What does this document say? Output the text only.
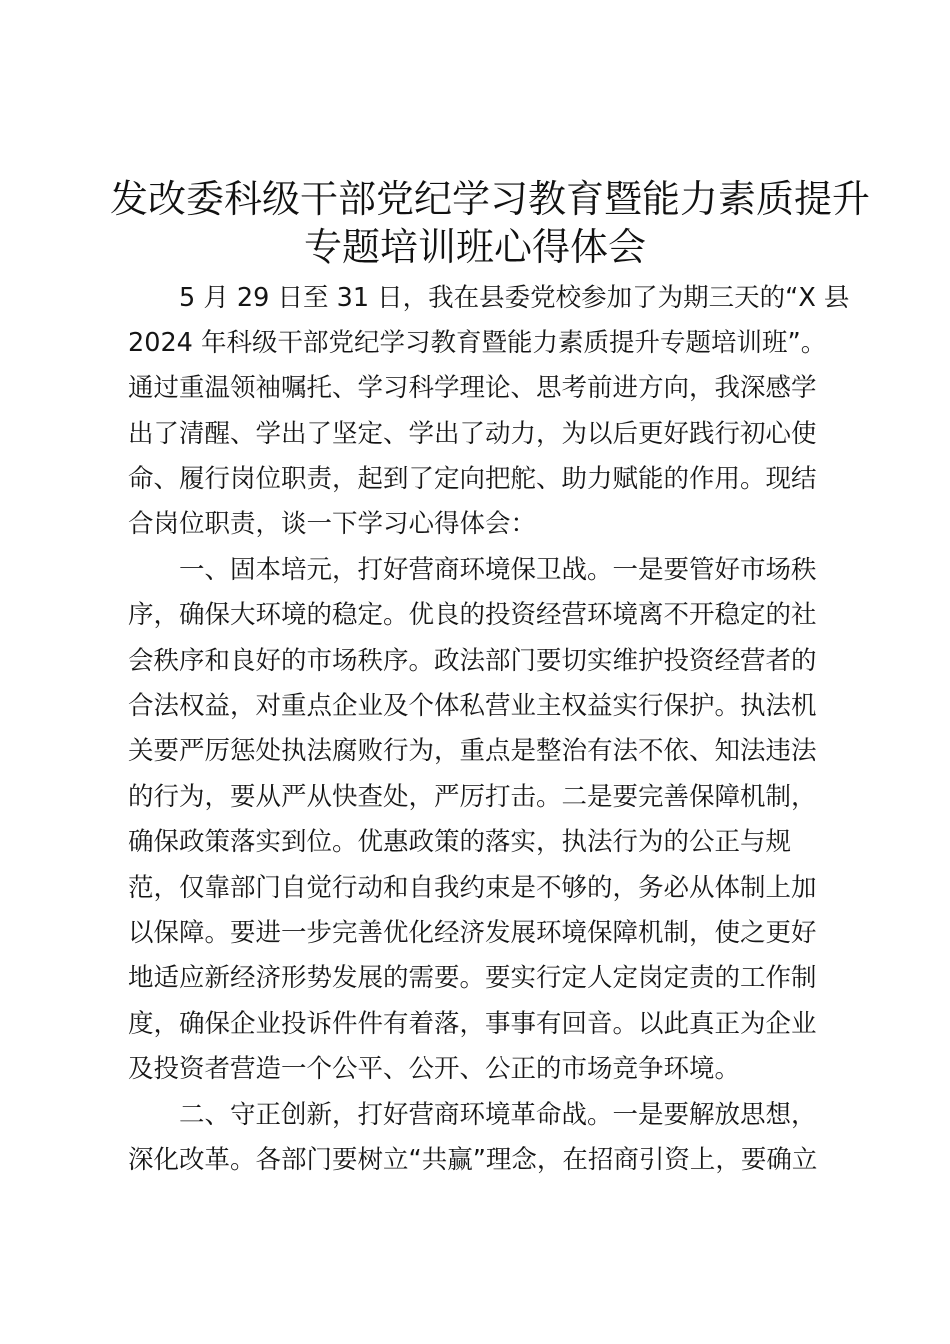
发改委科级干部党纪学习教育暨能力素质提升
专题培训班心得体会
5 月 29 日至 31 日，我在县委党校参加了为期三天的“X 县
2024 年科级干部党纪学习教育暨能力素质提升专题培训班”。
通过重温领袖嘱托、学习科学理论、思考前进方向，我深感学
出了清醒、学出了坚定、学出了动力，为以后更好践行初心使
命、履行岗位职责，起到了定向把舵、助力赋能的作用。现结
合岗位职责，谈一下学习心得体会：
一、固本培元，打好营商环境保卫战。一是要管好市场秩
序，确保大环境的稳定。优良的投资经营环境离不开稳定的社
会秩序和良好的市场秩序。政法部门要切实维护投资经营者的
合法权益，对重点企业及个体私营业主权益实行保护。执法机
关要严厉惩处执法腐败行为，重点是整治有法不依、知法违法
的行为，要从严从快查处，严厉打击。二是要完善保障机制，
确保政策落实到位。优惠政策的落实，执法行为的公正与规
范，仅靠部门自觉行动和自我约束是不够的，务必从体制上加
以保障。要进一步完善优化经济发展环境保障机制，使之更好
地适应新经济形势发展的需要。要实行定人定岗定责的工作制
度，确保企业投诉件件有着落，事事有回音。以此真正为企业
及投资者营造一个公平、公开、公正的市场竞争环境。
二、守正创新，打好营商环境革命战。一是要解放思想，
深化改革。各部门要树立“共赢”理念，在招商引资上，要确立
